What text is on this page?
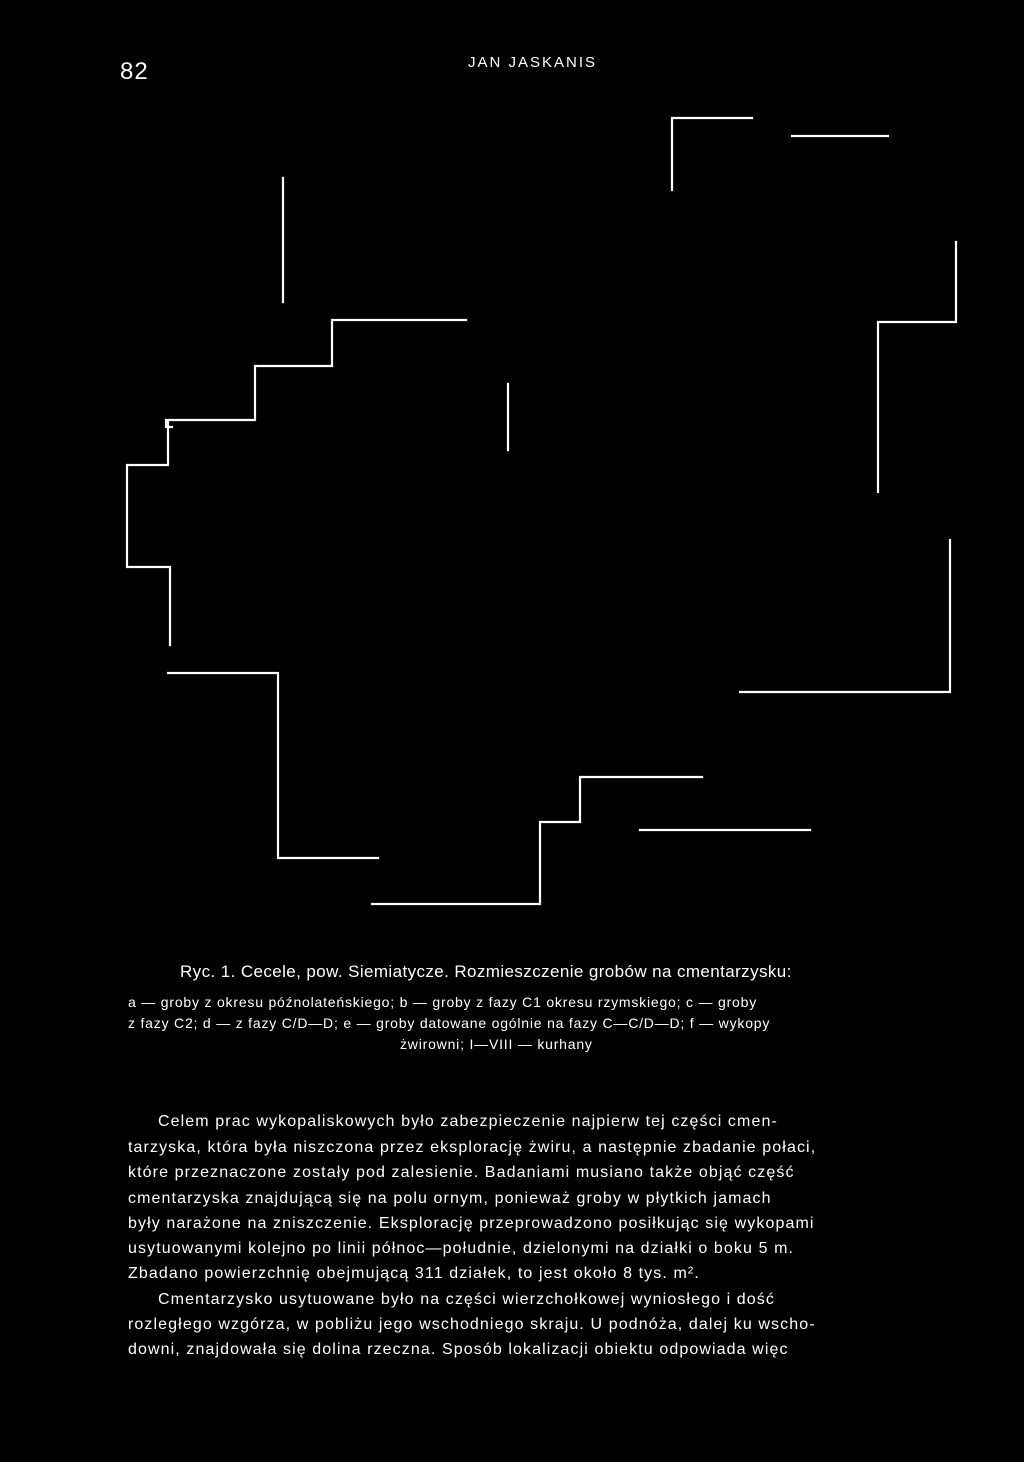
82	JAN JASKANIS
Ryc. 1. Cecele, pow. Siemiatycze. Rozmieszczenie grobów na cmentarzysku:
a — groby z okresu późnolateńskiego; b — groby z fazy C1 okresu rzymskiego; c — groby
z fazy C2; d — z fazy C/D—D; e — groby datowane ogólnie na fazy C—C/D—D; f — wykopy
żwirowni; I—VIII — kurhany
Celem prac wykopaliskowych było zabezpieczenie najpierw tej części cmen-
tarzyska, która była niszczona przez eksplorację żwiru, a następnie zbadanie połaci,
które przeznaczone zostały pod zalesienie. Badaniami musiano także objąć część
cmentarzyska znajdującą się na polu ornym, ponieważ groby w płytkich jamach
były narażone na zniszczenie. Eksplorację przeprowadzono posiłkując się wykopami
usytuowanymi kolejno po linii północ—południe, dzielonymi na działki o boku 5 m.
Zbadano powierzchnię obejmującą 311 działek, to jest około 8 tys. m².
Cmentarzysko usytuowane było na części wierzchołkowej wyniosłego i dość
rozległego wzgórza, w pobliżu jego wschodniego skraju. U podnóża, dalej ku wscho-
downi, znajdowała się dolina rzeczna. Sposób lokalizacji obiektu odpowiada więc
